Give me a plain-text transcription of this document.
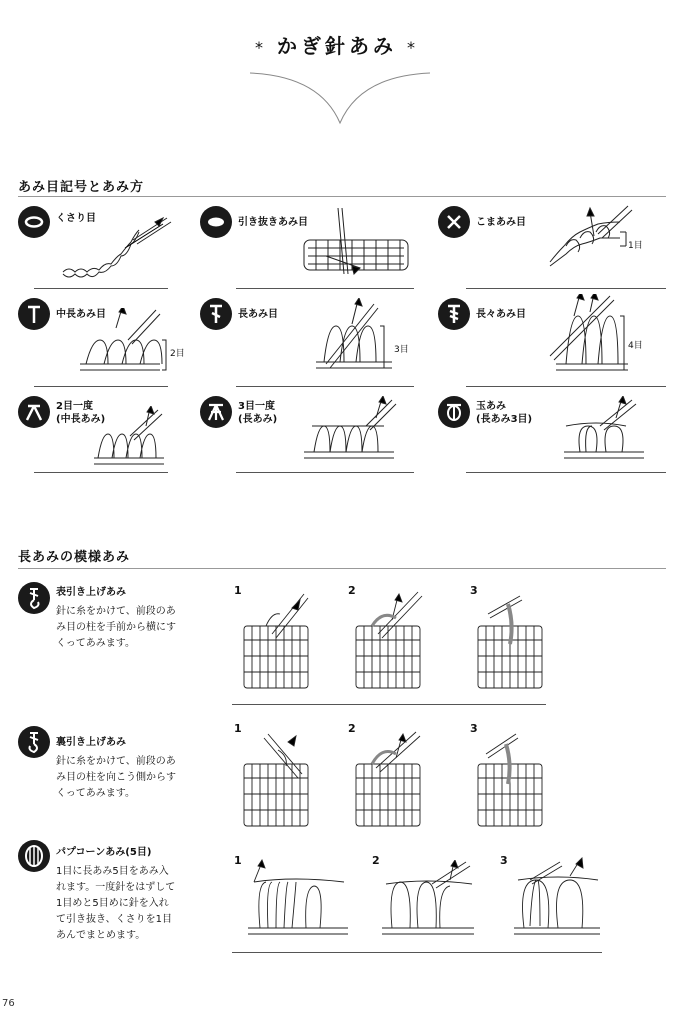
* かぎ針あみ *
あみ目記号とあみ方
くさり目	引き抜きあみ目	こまあみ目
1目
中長あみ目
2目
長あみ目
3目
長々あみ目
4目
2目一度
(中長あみ)
3目一度
(長あみ)
玉あみ
(長あみ3目)
長あみの模様あみ
表引き上げあみ
針に糸をかけて、前段のあ
み目の柱を手前から横にす
くってあみます。
1	2	3
裏引き上げあみ
針に糸をかけて、前段のあ
み目の柱を向こう側からす
くってあみます。
1	2	3
パプコーンあみ(5目)
1目に長あみ5目をあみ入
れます。一度針をはずして
1目めと5目めに針を入れ
て引き抜き、くさりを1目
あんでまとめます。
1	2	3
76
